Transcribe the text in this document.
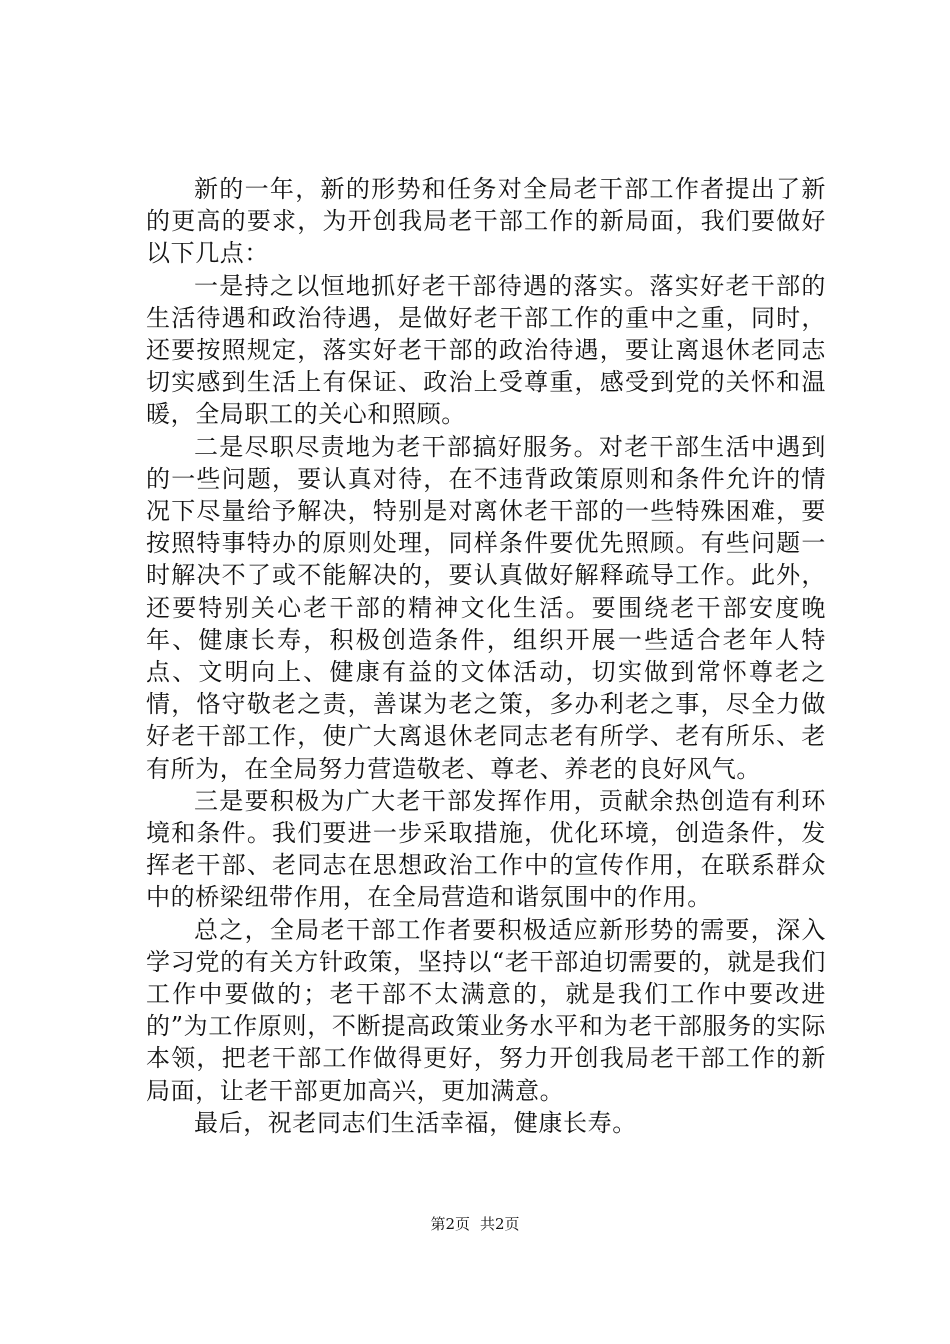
新的一年，新的形势和任务对全局老干部工作者提出了新的更高的要求，为开创我局老干部工作的新局面，我们要做好以下几点：

一是持之以恒地抓好老干部待遇的落实。落实好老干部的生活待遇和政治待遇，是做好老干部工作的重中之重，同时，还要按照规定，落实好老干部的政治待遇，要让离退休老同志切实感到生活上有保证、政治上受尊重，感受到党的关怀和温暖，全局职工的关心和照顾。

二是尽职尽责地为老干部搞好服务。对老干部生活中遇到的一些问题，要认真对待，在不违背政策原则和条件允许的情况下尽量给予解决，特别是对离休老干部的一些特殊困难，要按照特事特办的原则处理，同样条件要优先照顾。有些问题一时解决不了或不能解决的，要认真做好解释疏导工作。此外，还要特别关心老干部的精神文化生活。要围绕老干部安度晚年、健康长寿，积极创造条件，组织开展一些适合老年人特点、文明向上、健康有益的文体活动，切实做到常怀尊老之情，恪守敬老之责，善谋为老之策，多办利老之事，尽全力做好老干部工作，使广大离退休老同志老有所学、老有所乐、老有所为，在全局努力营造敬老、尊老、养老的良好风气。

三是要积极为广大老干部发挥作用，贡献余热创造有利环境和条件。我们要进一步采取措施，优化环境，创造条件，发挥老干部、老同志在思想政治工作中的宣传作用，在联系群众中的桥梁纽带作用，在全局营造和谐氛围中的作用。

总之，全局老干部工作者要积极适应新形势的需要，深入学习党的有关方针政策，坚持以“老干部迫切需要的，就是我们工作中要做的；老干部不太满意的，就是我们工作中要改进的”为工作原则，不断提高政策业务水平和为老干部服务的实际本领，把老干部工作做得更好，努力开创我局老干部工作的新局面，让老干部更加高兴，更加满意。

最后，祝老同志们生活幸福，健康长寿。

第2页 共2页
